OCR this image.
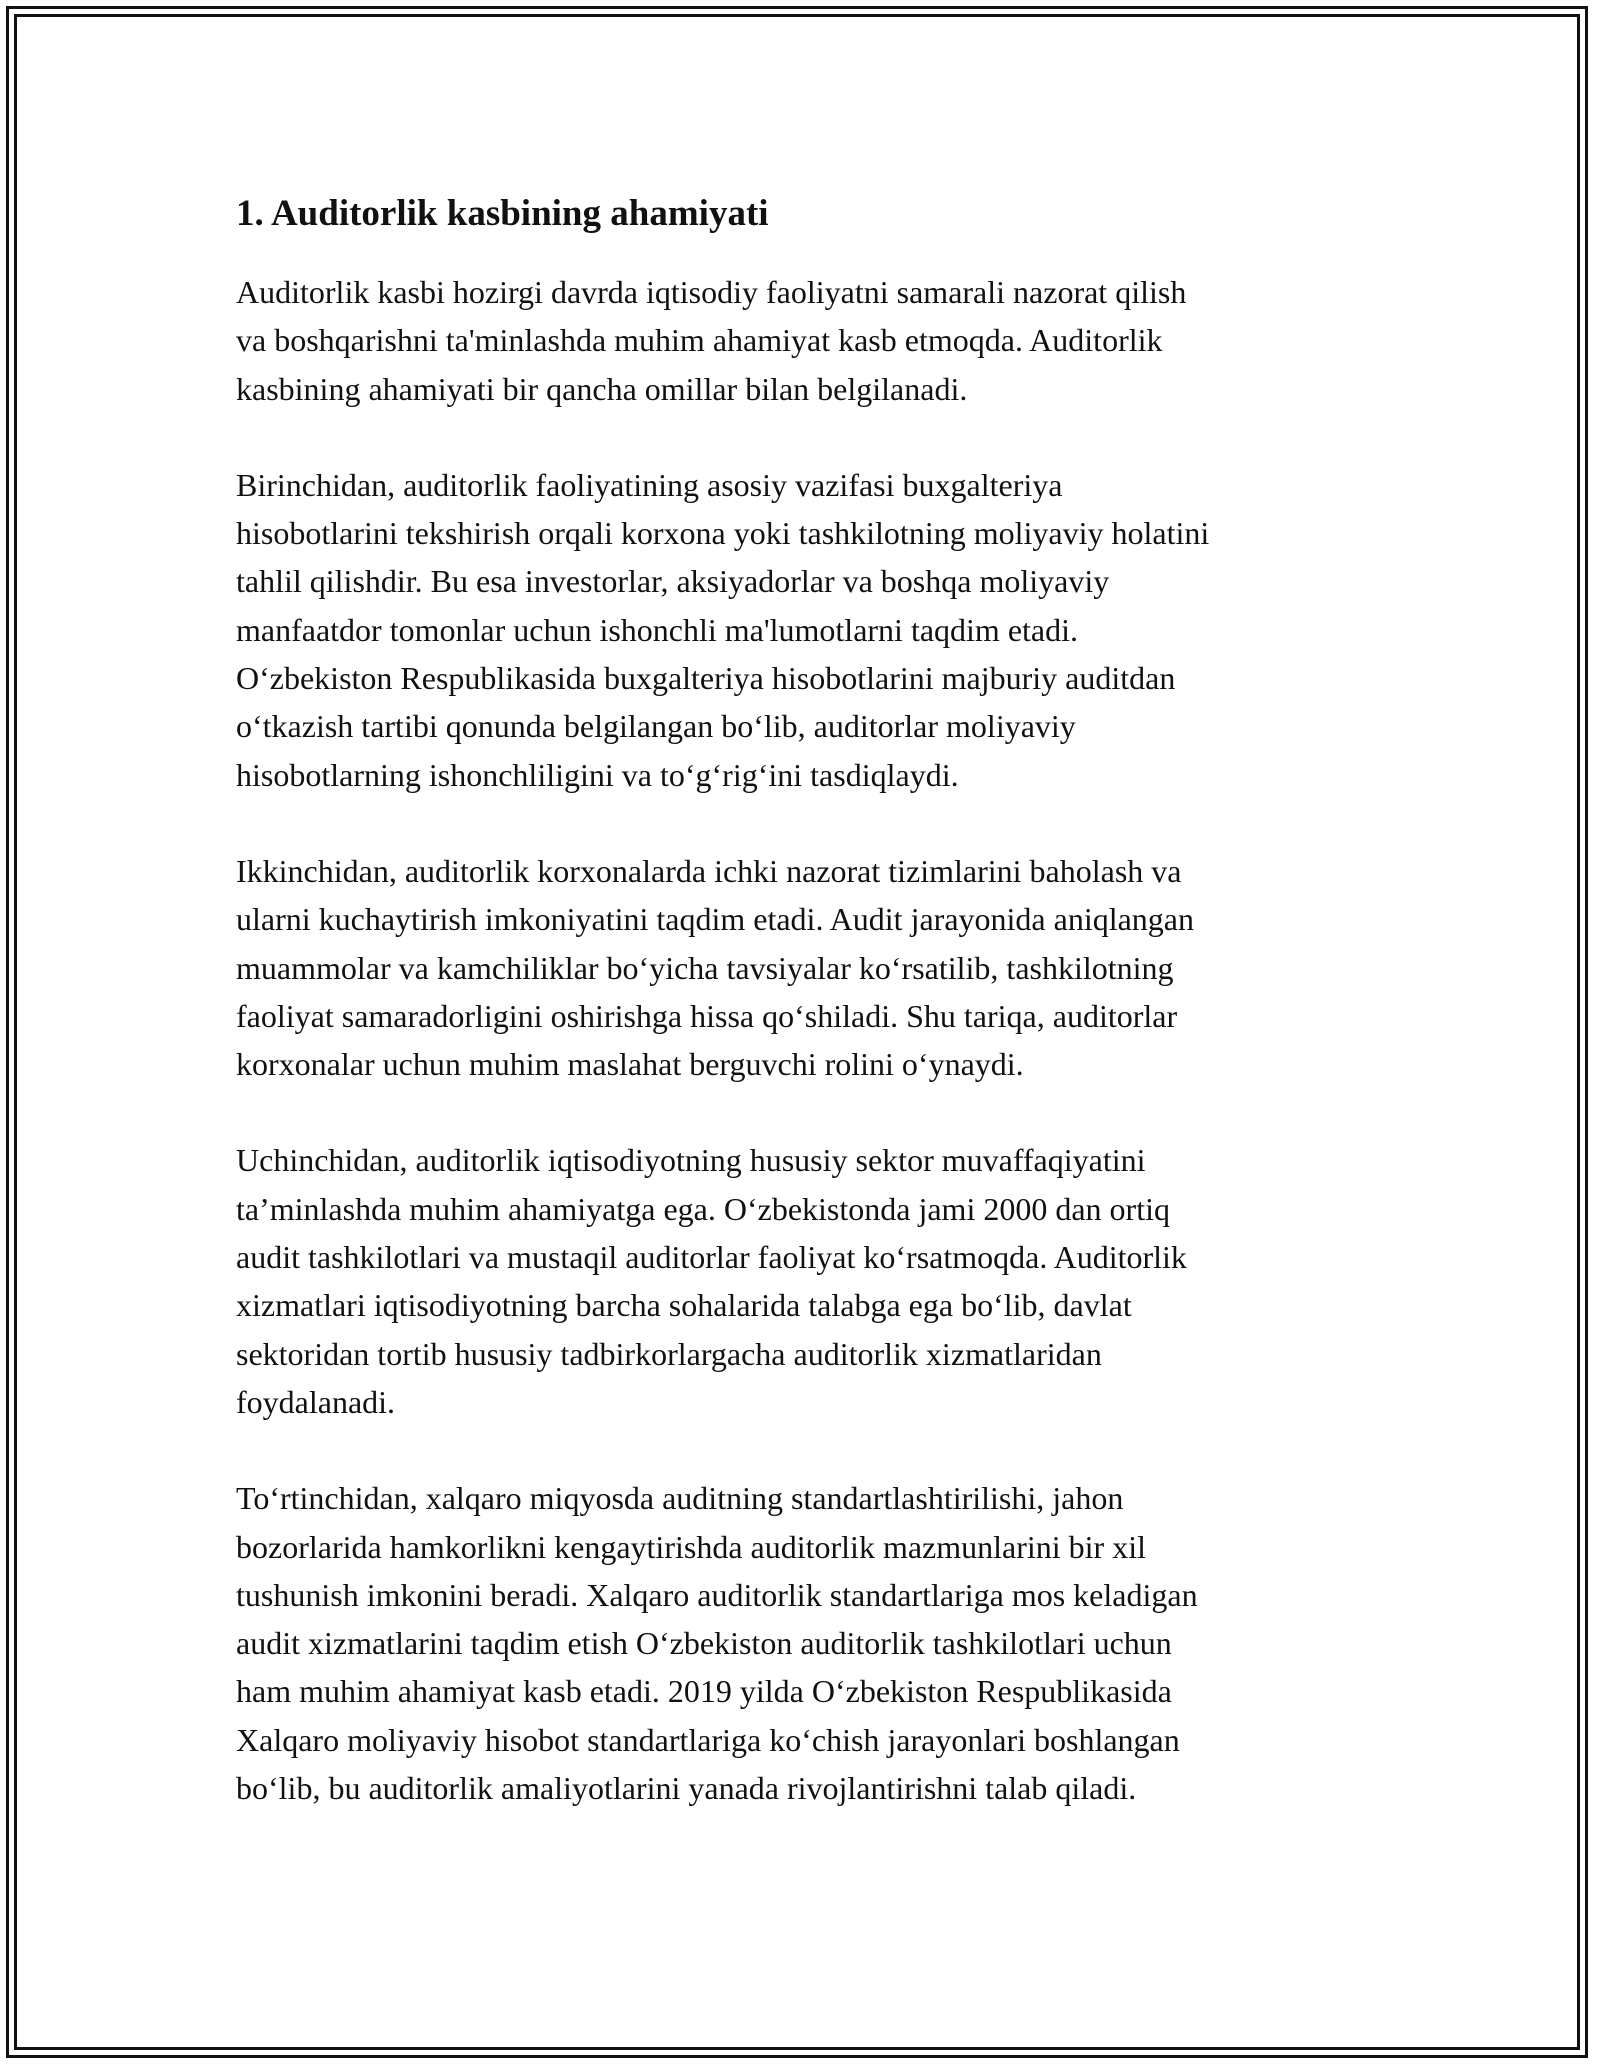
1. Auditorlik kasbining ahamiyati

Auditorlik kasbi hozirgi davrda iqtisodiy faoliyatni samarali nazorat qilish
va boshqarishni ta'minlashda muhim ahamiyat kasb etmoqda. Auditorlik
kasbining ahamiyati bir qancha omillar bilan belgilanadi.

Birinchidan, auditorlik faoliyatining asosiy vazifasi buxgalteriya
hisobotlarini tekshirish orqali korxona yoki tashkilotning moliyaviy holatini
tahlil qilishdir. Bu esa investorlar, aksiyadorlar va boshqa moliyaviy
manfaatdor tomonlar uchun ishonchli ma'lumotlarni taqdim etadi.
O‘zbekiston Respublikasida buxgalteriya hisobotlarini majburiy auditdan
o‘tkazish tartibi qonunda belgilangan bo‘lib, auditorlar moliyaviy
hisobotlarning ishonchliligini va to‘g‘rig‘ini tasdiqlaydi.

Ikkinchidan, auditorlik korxonalarda ichki nazorat tizimlarini baholash va
ularni kuchaytirish imkoniyatini taqdim etadi. Audit jarayonida aniqlangan
muammolar va kamchiliklar bo‘yicha tavsiyalar ko‘rsatilib, tashkilotning
faoliyat samaradorligini oshirishga hissa qo‘shiladi. Shu tariqa, auditorlar
korxonalar uchun muhim maslahat berguvchi rolini o‘ynaydi.

Uchinchidan, auditorlik iqtisodiyotning hususiy sektor muvaffaqiyatini
ta’minlashda muhim ahamiyatga ega. O‘zbekistonda jami 2000 dan ortiq
audit tashkilotlari va mustaqil auditorlar faoliyat ko‘rsatmoqda. Auditorlik
xizmatlari iqtisodiyotning barcha sohalarida talabga ega bo‘lib, davlat
sektoridan tortib hususiy tadbirkorlargacha auditorlik xizmatlaridan
foydalanadi.

To‘rtinchidan, xalqaro miqyosda auditning standartlashtirilishi, jahon
bozorlarida hamkorlikni kengaytirishda auditorlik mazmunlarini bir xil
tushunish imkonini beradi. Xalqaro auditorlik standartlariga mos keladigan
audit xizmatlarini taqdim etish O‘zbekiston auditorlik tashkilotlari uchun
ham muhim ahamiyat kasb etadi. 2019 yilda O‘zbekiston Respublikasida
Xalqaro moliyaviy hisobot standartlariga ko‘chish jarayonlari boshlangan
bo‘lib, bu auditorlik amaliyotlarini yanada rivojlantirishni talab qiladi.
